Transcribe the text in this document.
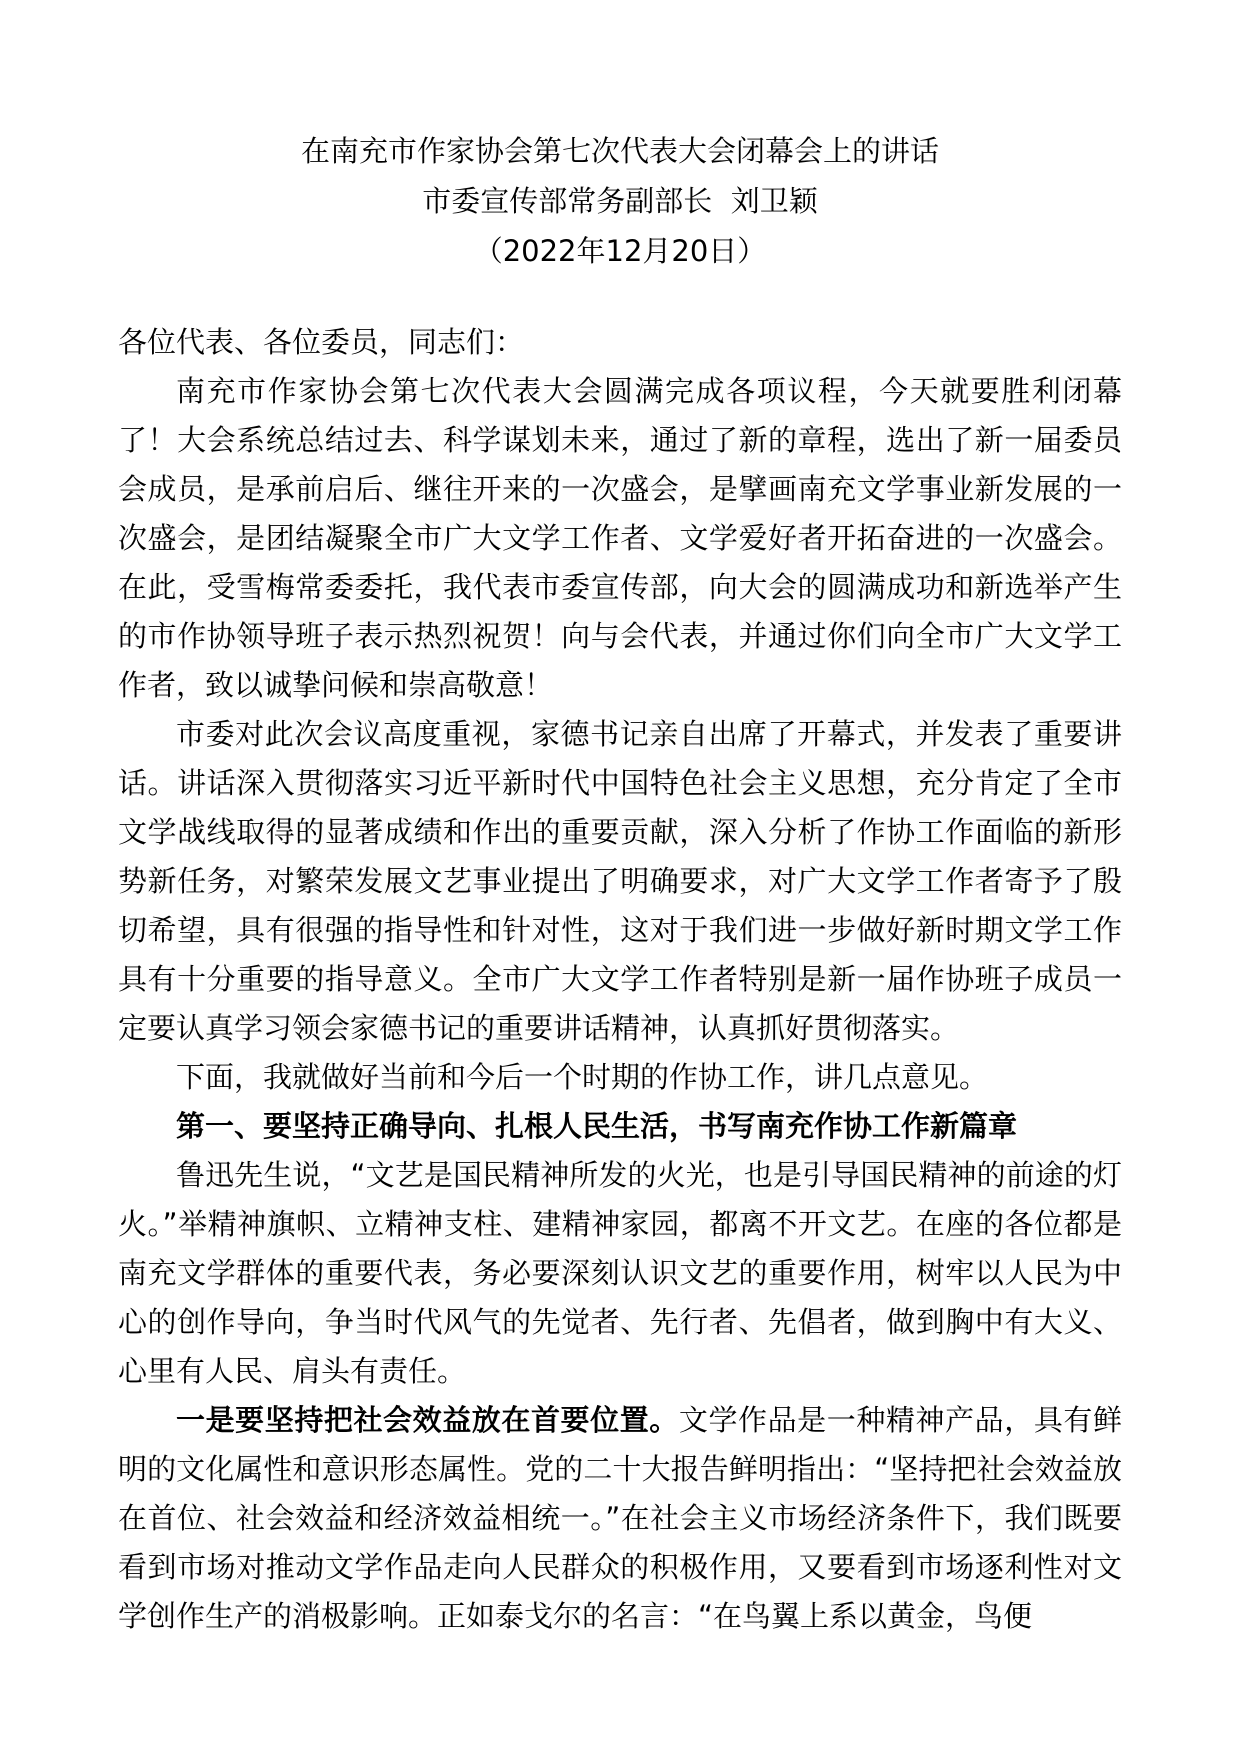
在南充市作家协会第七次代表大会闭幕会上的讲话
市委宣传部常务副部长  刘卫颖
（2022年12月20日）

各位代表、各位委员，同志们：

南充市作家协会第七次代表大会圆满完成各项议程，今天就要胜利闭幕了！大会系统总结过去、科学谋划未来，通过了新的章程，选出了新一届委员会成员，是承前启后、继往开来的一次盛会，是擘画南充文学事业新发展的一次盛会，是团结凝聚全市广大文学工作者、文学爱好者开拓奋进的一次盛会。在此，受雪梅常委委托，我代表市委宣传部，向大会的圆满成功和新选举产生的市作协领导班子表示热烈祝贺！向与会代表，并通过你们向全市广大文学工作者，致以诚挚问候和崇高敬意！

市委对此次会议高度重视，家德书记亲自出席了开幕式，并发表了重要讲话。讲话深入贯彻落实习近平新时代中国特色社会主义思想，充分肯定了全市文学战线取得的显著成绩和作出的重要贡献，深入分析了作协工作面临的新形势新任务，对繁荣发展文艺事业提出了明确要求，对广大文学工作者寄予了殷切希望，具有很强的指导性和针对性，这对于我们进一步做好新时期文学工作具有十分重要的指导意义。全市广大文学工作者特别是新一届作协班子成员一定要认真学习领会家德书记的重要讲话精神，认真抓好贯彻落实。

下面，我就做好当前和今后一个时期的作协工作，讲几点意见。

第一、要坚持正确导向、扎根人民生活，书写南充作协工作新篇章

鲁迅先生说，“文艺是国民精神所发的火光，也是引导国民精神的前途的灯火。”举精神旗帜、立精神支柱、建精神家园，都离不开文艺。在座的各位都是南充文学群体的重要代表，务必要深刻认识文艺的重要作用，树牢以人民为中心的创作导向，争当时代风气的先觉者、先行者、先倡者，做到胸中有大义、心里有人民、肩头有责任。

一是要坚持把社会效益放在首要位置。文学作品是一种精神产品，具有鲜明的文化属性和意识形态属性。党的二十大报告鲜明指出：“坚持把社会效益放在首位、社会效益和经济效益相统一。”在社会主义市场经济条件下，我们既要看到市场对推动文学作品走向人民群众的积极作用，又要看到市场逐利性对文学创作生产的消极影响。正如泰戈尔的名言：“在鸟翼上系以黄金，鸟便
